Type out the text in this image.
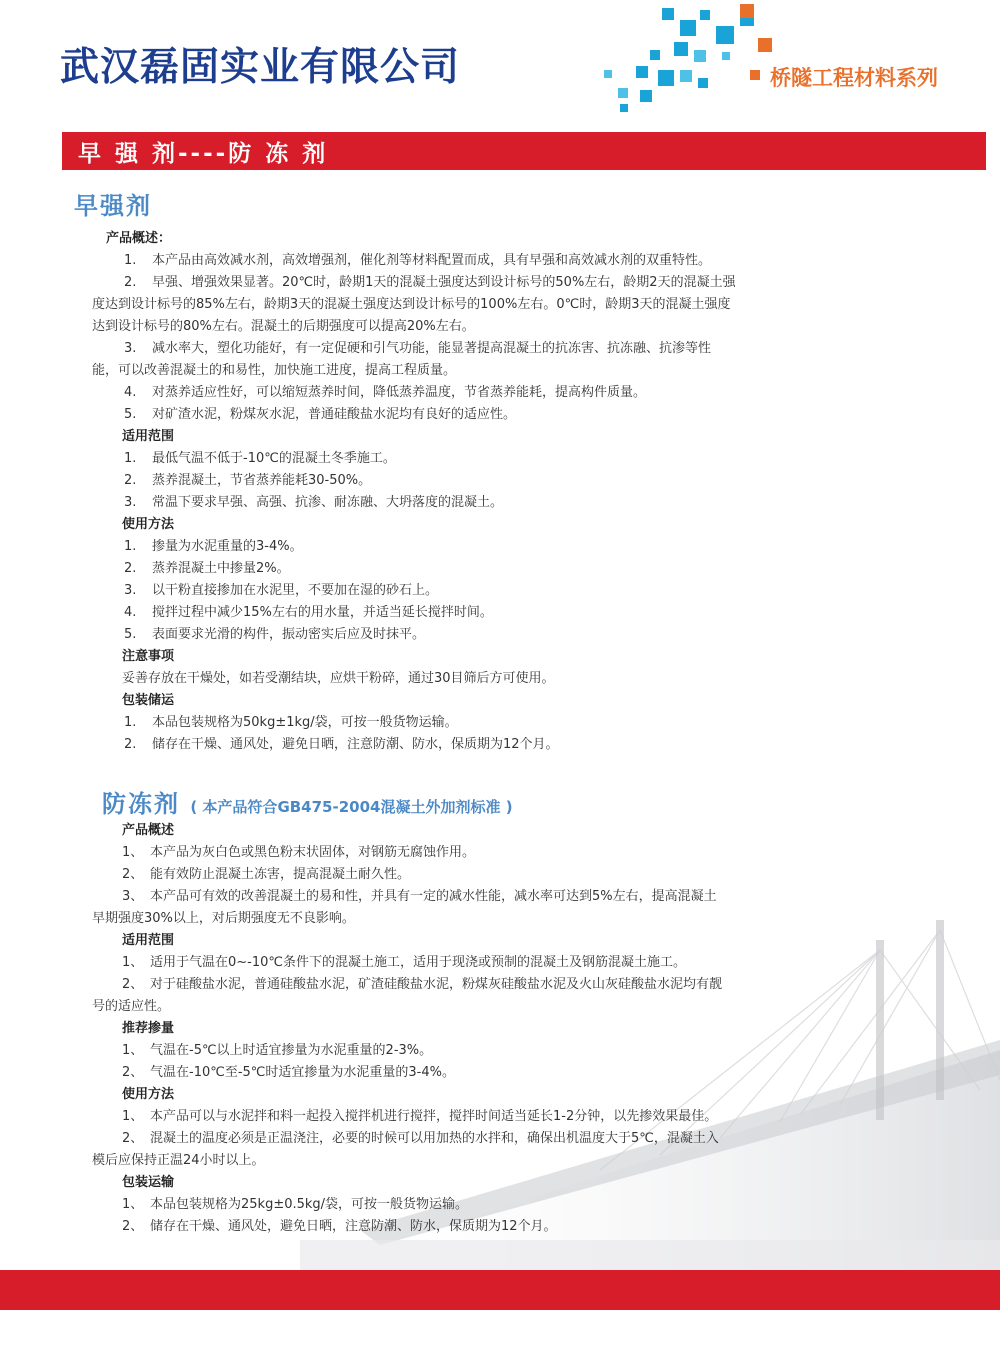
武汉磊固实业有限公司	桥隧工程材料系列
早 强 剂----防 冻 剂
早强剂
产品概述：
1. 本产品由高效减水剂，高效增强剂，催化剂等材料配置而成，具有早强和高效减水剂的双重特性。
2. 早强、增强效果显著。20℃时，龄期1天的混凝土强度达到设计标号的50%左右，龄期2天的混凝土强
度达到设计标号的85%左右，龄期3天的混凝土强度达到设计标号的100%左右。0℃时，龄期3天的混凝土强度
达到设计标号的80%左右。混凝土的后期强度可以提高20%左右。
3. 减水率大，塑化功能好，有一定促硬和引气功能，能显著提高混凝土的抗冻害、抗冻融、抗渗等性
能，可以改善混凝土的和易性，加快施工进度，提高工程质量。
4. 对蒸养适应性好，可以缩短蒸养时间，降低蒸养温度，节省蒸养能耗，提高构件质量。
5. 对矿渣水泥，粉煤灰水泥，普通硅酸盐水泥均有良好的适应性。
适用范围
1. 最低气温不低于-10℃的混凝土冬季施工。
2. 蒸养混凝土，节省蒸养能耗30-50%。
3. 常温下要求早强、高强、抗渗、耐冻融、大坍落度的混凝土。
使用方法
1. 掺量为水泥重量的3-4%。
2. 蒸养混凝土中掺量2%。
3. 以干粉直接掺加在水泥里，不要加在湿的砂石上。
4. 搅拌过程中减少15%左右的用水量，并适当延长搅拌时间。
5. 表面要求光滑的构件，振动密实后应及时抹平。
注意事项
妥善存放在干燥处，如若受潮结块，应烘干粉碎，通过30目筛后方可使用。
包装储运
1. 本品包装规格为50kg±1kg/袋，可按一般货物运输。
2. 储存在干燥、通风处，避免日晒，注意防潮、防水，保质期为12个月。
防冻剂 ( 本产品符合GB475-2004混凝土外加剂标准 )
产品概述
1、 本产品为灰白色或黑色粉末状固体，对钢筋无腐蚀作用。
2、 能有效防止混凝土冻害，提高混凝土耐久性。
3、 本产品可有效的改善混凝土的易和性，并具有一定的减水性能，减水率可达到5%左右，提高混凝土
早期强度30%以上，对后期强度无不良影响。
适用范围
1、 适用于气温在0~-10℃条件下的混凝土施工，适用于现浇或预制的混凝土及钢筋混凝土施工。
2、 对于硅酸盐水泥，普通硅酸盐水泥，矿渣硅酸盐水泥，粉煤灰硅酸盐水泥及火山灰硅酸盐水泥均有靓
号的适应性。
推荐掺量
1、 气温在-5℃以上时适宜掺量为水泥重量的2-3%。
2、 气温在-10℃至-5℃时适宜掺量为水泥重量的3-4%。
使用方法
1、 本产品可以与水泥拌和料一起投入搅拌机进行搅拌，搅拌时间适当延长1-2分钟，以先掺效果最佳。
2、 混凝土的温度必须是正温浇注，必要的时候可以用加热的水拌和，确保出机温度大于5℃，混凝土入
模后应保持正温24小时以上。
包装运输
1、 本品包装规格为25kg±0.5kg/袋，可按一般货物运输。
2、 储存在干燥、通风处，避免日晒，注意防潮、防水，保质期为12个月。
